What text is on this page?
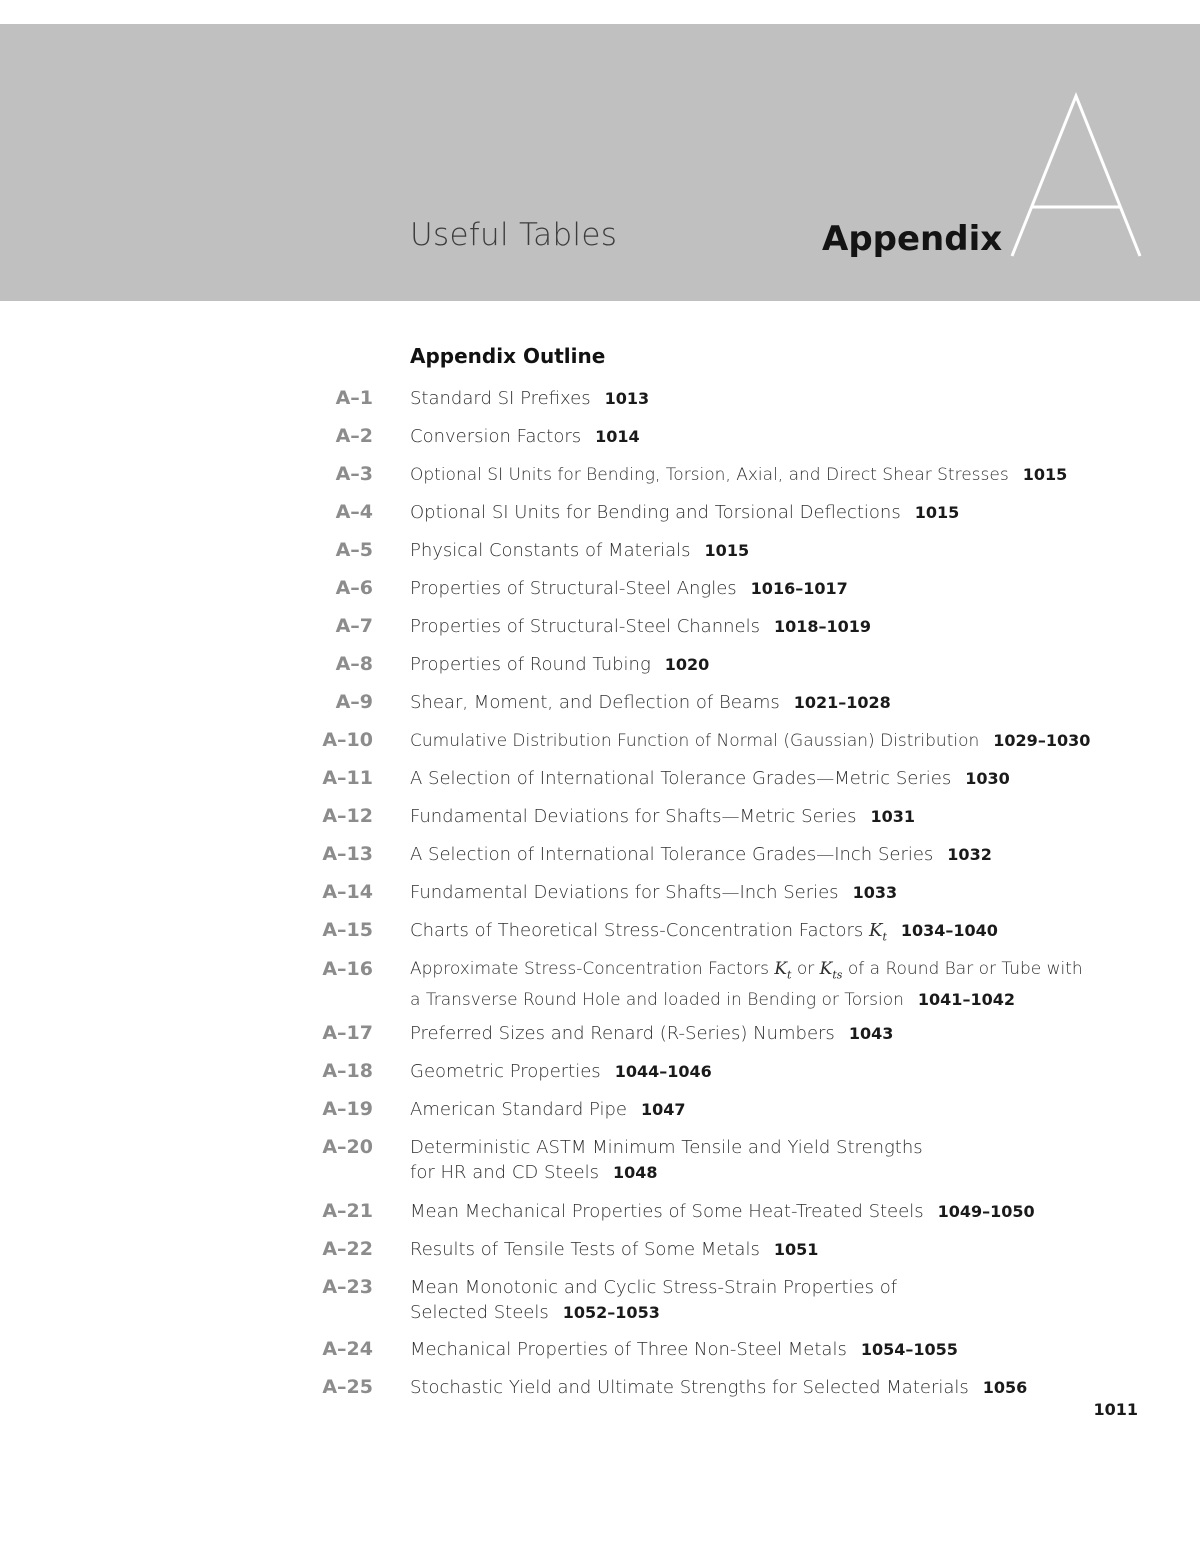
Useful Tables	Appendix
Appendix Outline
A–1 Standard SI Prefixes 1013
A–2 Conversion Factors 1014
A–3 Optional SI Units for Bending, Torsion, Axial, and Direct Shear Stresses 1015
A–4 Optional SI Units for Bending and Torsional Deflections 1015
A–5 Physical Constants of Materials 1015
A–6 Properties of Structural-Steel Angles 1016–1017
A–7 Properties of Structural-Steel Channels 1018–1019
A–8 Properties of Round Tubing 1020
A–9 Shear, Moment, and Deflection of Beams 1021–1028
A–10 Cumulative Distribution Function of Normal (Gaussian) Distribution 1029–1030
A–11 A Selection of International Tolerance Grades—Metric Series 1030
A–12 Fundamental Deviations for Shafts—Metric Series 1031
A–13 A Selection of International Tolerance Grades—Inch Series 1032
A–14 Fundamental Deviations for Shafts—Inch Series 1033
A–15 Charts of Theoretical Stress-Concentration Factors $K_t$ 1034–1040
A–16 Approximate Stress-Concentration Factors $K_t$ or $K_{ts}$ of a Round Bar or Tube with
a Transverse Round Hole and loaded in Bending or Torsion 1041–1042
A–17 Preferred Sizes and Renard (R-Series) Numbers 1043
A–18 Geometric Properties 1044–1046
A–19 American Standard Pipe 1047
A–20 Deterministic ASTM Minimum Tensile and Yield Strengths
for HR and CD Steels 1048
A–21 Mean Mechanical Properties of Some Heat-Treated Steels 1049–1050
A–22 Results of Tensile Tests of Some Metals 1051
A–23 Mean Monotonic and Cyclic Stress-Strain Properties of
Selected Steels 1052–1053
A–24 Mechanical Properties of Three Non-Steel Metals 1054–1055
A–25 Stochastic Yield and Ultimate Strengths for Selected Materials 1056
1011
